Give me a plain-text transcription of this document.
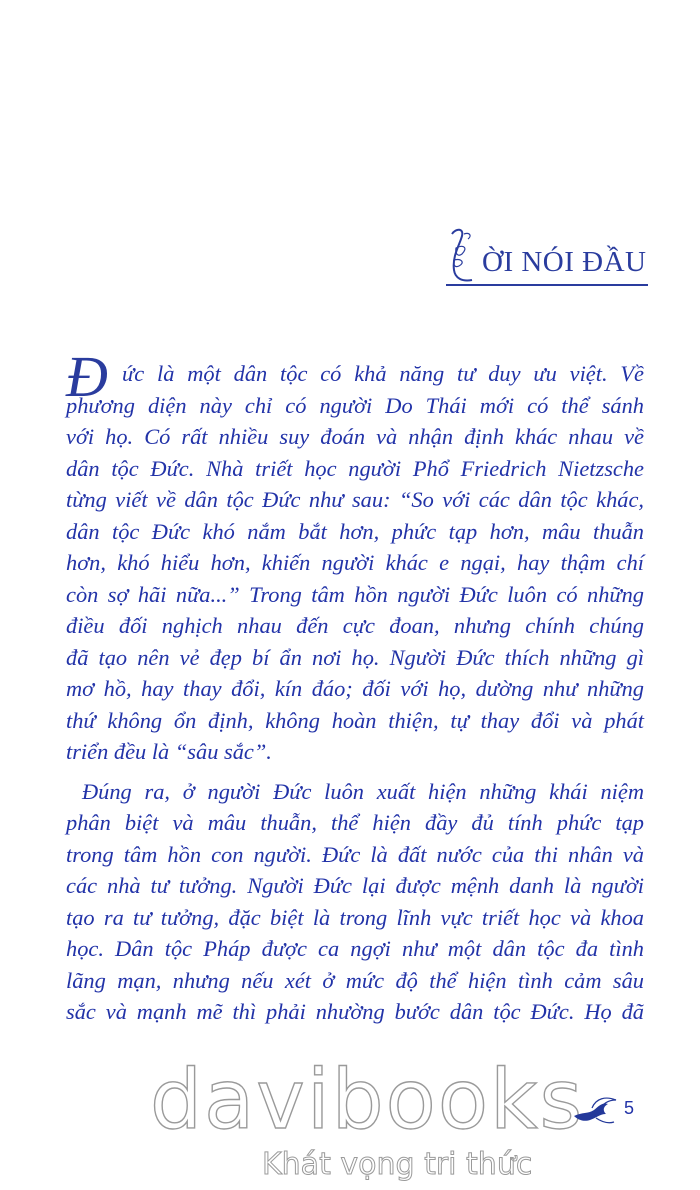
ỜI NÓI ĐẦU
Đ ức là một dân tộc có khả năng tư duy ưu việt. Về
phương diện này chỉ có người Do Thái mới có thể sánh
với họ. Có rất nhiều suy đoán và nhận định khác nhau về
dân tộc Đức. Nhà triết học người Phổ Friedrich Nietzsche
từng viết về dân tộc Đức như sau: “So với các dân tộc khác,
dân tộc Đức khó nắm bắt hơn, phức tạp hơn, mâu thuẫn
hơn, khó hiểu hơn, khiến người khác e ngại, hay thậm chí
còn sợ hãi nữa...” Trong tâm hồn người Đức luôn có những
điều đối nghịch nhau đến cực đoan, nhưng chính chúng
đã tạo nên vẻ đẹp bí ẩn nơi họ. Người Đức thích những gì
mơ hồ, hay thay đổi, kín đáo; đối với họ, dường như những
thứ không ổn định, không hoàn thiện, tự thay đổi và phát
triển đều là “sâu sắc”.
Đúng ra, ở người Đức luôn xuất hiện những khái niệm
phân biệt và mâu thuẫn, thể hiện đầy đủ tính phức tạp
trong tâm hồn con người. Đức là đất nước của thi nhân và
các nhà tư tưởng. Người Đức lại được mệnh danh là người
tạo ra tư tưởng, đặc biệt là trong lĩnh vực triết học và khoa
học. Dân tộc Pháp được ca ngợi như một dân tộc đa tình
lãng mạn, nhưng nếu xét ở mức độ thể hiện tình cảm sâu
sắc và mạnh mẽ thì phải nhường bước dân tộc Đức. Họ đã
davibooks
Khát vọng tri thức
5
